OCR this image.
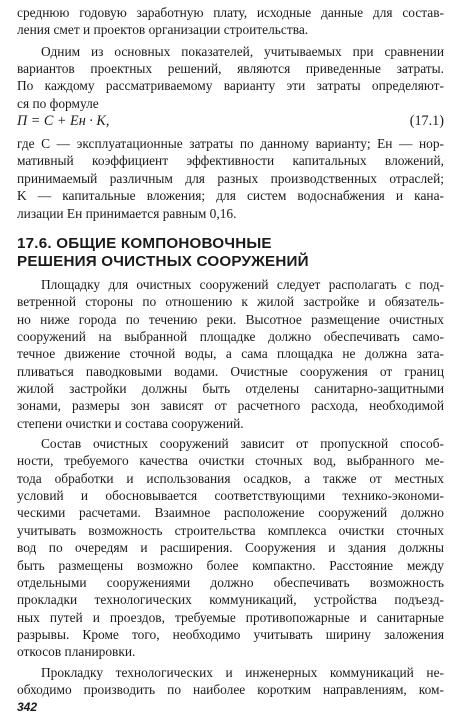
среднюю годовую заработную плату, исходные данные для состав-
ления смет и проектов организации строительства.
Одним из основных показателей, учитываемых при сравнении
вариантов проектных решений, являются приведенные затраты.
По каждому рассматриваемому варианту эти затраты определяют-
ся по формуле
П = C + Eн · K,	(17.1)
где C — эксплуатационные затраты по данному варианту; Eн — нор-
мативный коэффициент эффективности капитальных вложений,
принимаемый различным для разных производственных отраслей;
K — капитальные вложения; для систем водоснабжения и кана-
лизации Eн принимается равным 0,16.
17.6. ОБЩИЕ КОМПОНОВОЧНЫЕ
РЕШЕНИЯ ОЧИСТНЫХ СООРУЖЕНИЙ
Площадку для очистных сооружений следует располагать с под-
ветренной стороны по отношению к жилой застройке и обязатель-
но ниже города по течению реки. Высотное размещение очистных
сооружений на выбранной площадке должно обеспечивать само-
течное движение сточной воды, а сама площадка не должна зата-
пливаться паводковыми водами. Очистные сооружения от границ
жилой застройки должны быть отделены санитарно-защитными
зонами, размеры зон зависят от расчетного расхода, необходимой
степени очистки и состава сооружений.
Состав очистных сооружений зависит от пропускной способ-
ности, требуемого качества очистки сточных вод, выбранного ме-
тода обработки и использования осадков, а также от местных
условий и обосновывается соответствующими технико-экономи-
ческими расчетами. Взаимное расположение сооружений должно
учитывать возможность строительства комплекса очистки сточных
вод по очередям и расширения. Сооружения и здания должны
быть размещены возможно более компактно. Расстояние между
отдельными сооружениями должно обеспечивать возможность
прокладки технологических коммуникаций, устройства подъезд-
ных путей и проездов, требуемые противопожарные и санитарные
разрывы. Кроме того, необходимо учитывать ширину заложения
откосов планировки.
Прокладку технологических и инженерных коммуникаций не-
обходимо производить по наиболее коротким направлениям, ком-
342
